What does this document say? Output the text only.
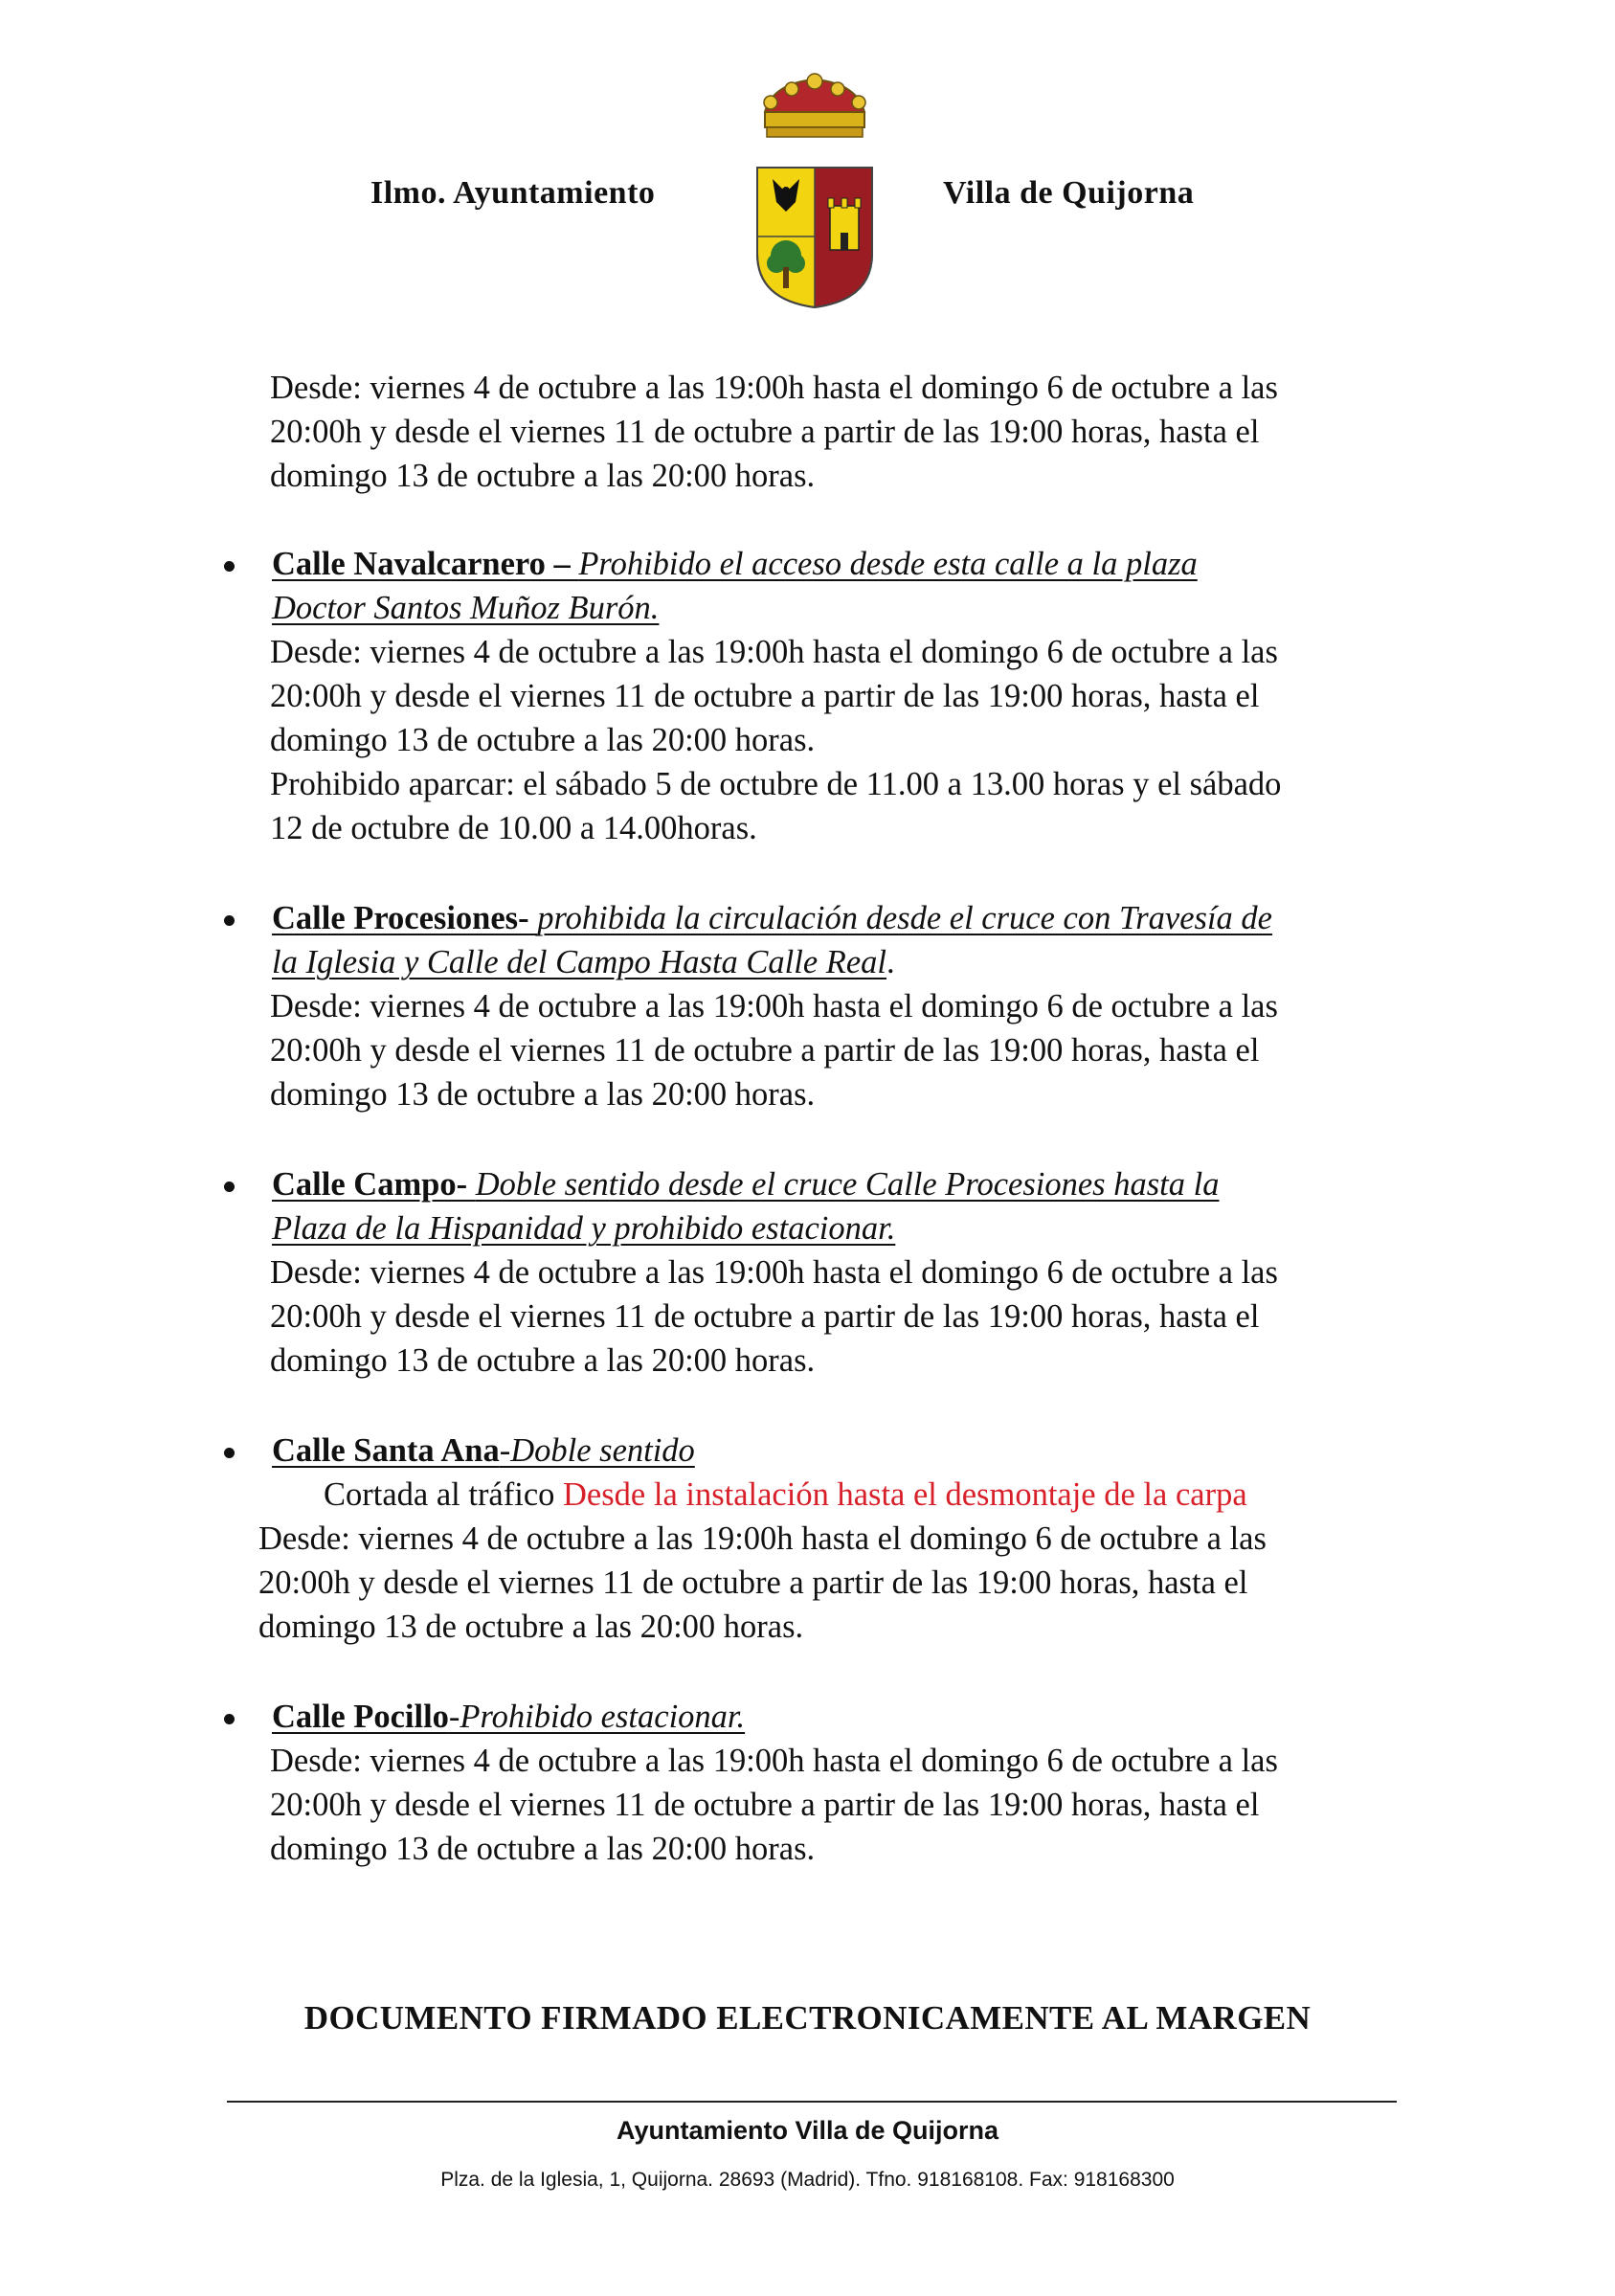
Ilmo. Ayuntamiento	Villa de Quijorna
Desde: viernes 4 de octubre a las 19:00h hasta el domingo 6 de octubre a las
20:00h y desde el viernes 11 de octubre a partir de las 19:00 horas, hasta el
domingo 13 de octubre a las 20:00 horas.
Calle Navalcarnero – Prohibido el acceso desde esta calle a la plaza
Doctor Santos Muñoz Burón.
Desde: viernes 4 de octubre a las 19:00h hasta el domingo 6 de octubre a las
20:00h y desde el viernes 11 de octubre a partir de las 19:00 horas, hasta el
domingo 13 de octubre a las 20:00 horas.
Prohibido aparcar: el sábado 5 de octubre de 11.00 a 13.00 horas y el sábado
12 de octubre de 10.00 a 14.00horas.
Calle Procesiones- prohibida la circulación desde el cruce con Travesía de
la Iglesia y Calle del Campo Hasta Calle Real.
Desde: viernes 4 de octubre a las 19:00h hasta el domingo 6 de octubre a las
20:00h y desde el viernes 11 de octubre a partir de las 19:00 horas, hasta el
domingo 13 de octubre a las 20:00 horas.
Calle Campo- Doble sentido desde el cruce Calle Procesiones hasta la
Plaza de la Hispanidad y prohibido estacionar.
Desde: viernes 4 de octubre a las 19:00h hasta el domingo 6 de octubre a las
20:00h y desde el viernes 11 de octubre a partir de las 19:00 horas, hasta el
domingo 13 de octubre a las 20:00 horas.
Calle Santa Ana-Doble sentido
Cortada al tráfico Desde la instalación hasta el desmontaje de la carpa
Desde: viernes 4 de octubre a las 19:00h hasta el domingo 6 de octubre a las
20:00h y desde el viernes 11 de octubre a partir de las 19:00 horas, hasta el
domingo 13 de octubre a las 20:00 horas.
Calle Pocillo-Prohibido estacionar.
Desde: viernes 4 de octubre a las 19:00h hasta el domingo 6 de octubre a las
20:00h y desde el viernes 11 de octubre a partir de las 19:00 horas, hasta el
domingo 13 de octubre a las 20:00 horas.
DOCUMENTO FIRMADO ELECTRONICAMENTE AL MARGEN
Ayuntamiento Villa de Quijorna
Plza. de la Iglesia, 1, Quijorna. 28693 (Madrid). Tfno. 918168108. Fax: 918168300
